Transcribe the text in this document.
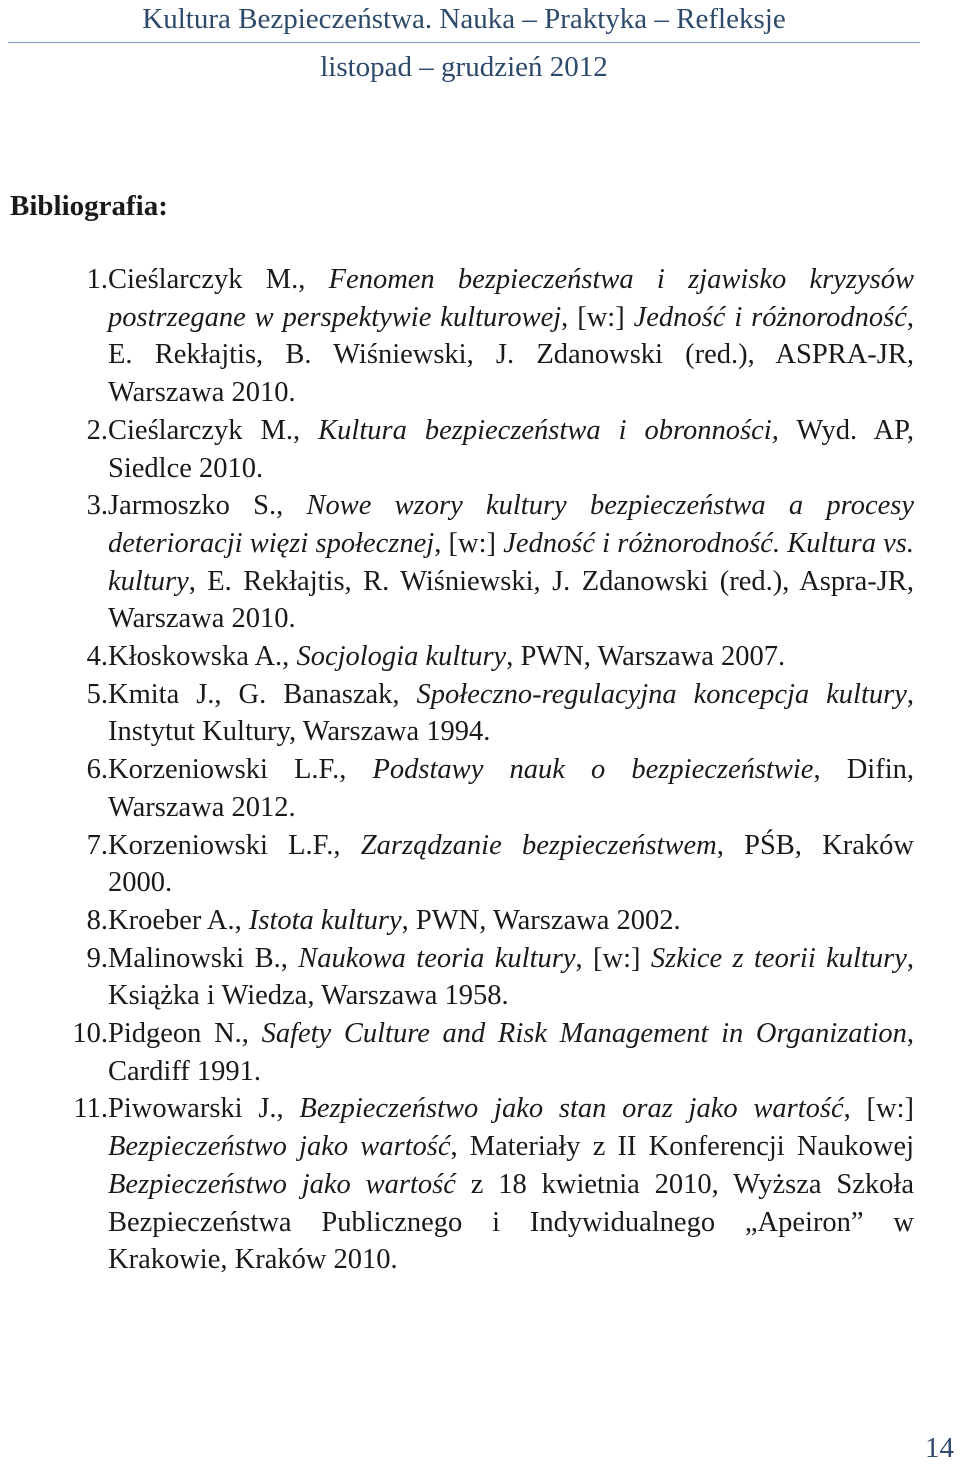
Kultura Bezpieczeństwa. Nauka – Praktyka – Refleksje
listopad – grudzień 2012
Bibliografia:
1. Cieślarczyk M., Fenomen bezpieczeństwa i zjawisko kryzysów postrzegane w perspektywie kulturowej, [w:] Jedność i różnorodność, E. Rekłajtis, B. Wiśniewski, J. Zdanowski (red.), ASPRA-JR, Warszawa 2010.
2. Cieślarczyk M., Kultura bezpieczeństwa i obronności, Wyd. AP, Siedlce 2010.
3. Jarmoszko S., Nowe wzory kultury bezpieczeństwa a procesy deterioracji więzi społecznej, [w:] Jedność i różnorodność. Kultura vs. kultury, E. Rekłajtis, R. Wiśniewski, J. Zdanowski (red.), Aspra-JR, Warszawa 2010.
4. Kłoskowska A., Socjologia kultury, PWN, Warszawa 2007.
5. Kmita J., G. Banaszak, Społeczno-regulacyjna koncepcja kultury, Instytut Kultury, Warszawa 1994.
6. Korzeniowski L.F., Podstawy nauk o bezpieczeństwie, Difin, Warszawa 2012.
7. Korzeniowski L.F., Zarządzanie bezpieczeństwem, PŚB, Kraków 2000.
8. Kroeber A., Istota kultury, PWN, Warszawa 2002.
9. Malinowski B., Naukowa teoria kultury, [w:] Szkice z teorii kultury, Książka i Wiedza, Warszawa 1958.
10. Pidgeon N., Safety Culture and Risk Management in Organization, Cardiff 1991.
11. Piwowarski J., Bezpieczeństwo jako stan oraz jako wartość, [w:] Bezpieczeństwo jako wartość, Materiały z II Konferencji Naukowej Bezpieczeństwo jako wartość z 18 kwietnia 2010, Wyższa Szkoła Bezpieczeństwa Publicznego i Indywidualnego „Apeiron” w Krakowie, Kraków 2010.
14
